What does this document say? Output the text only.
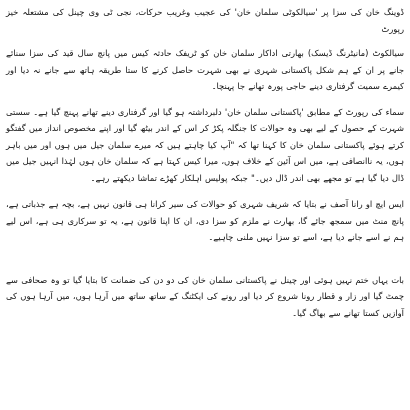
ڈوینگ خان کی سزا پر 'سیالکوٹی سلمان خان' کی عجیب وغریب حرکات، نجی ٹی وی چینل کی مشتعلہ خیز رپورٹ

سیالکوٹ (مانیٹرنگ ڈیسک) بھارتی اداکار سلمان خان کو ٹریفک حادثہ کیس میں پانچ سال قید کی سزا سنائے جانے پر ان کے ہم شکل پاکستانی شہری نے بھی شہرت حاصل کرنے کا ستا طریقہ ہاتھ سے جانے نہ دیا اور کیمرے سمیت گرفتاری دینے حاجی پورہ تھانے جا پہنچا۔

سماء کی رپورٹ کے مطابق 'پاکستانی سلمان خان' دلبرداشتہ ہو گیا اور گرفتاری دینے تھانے پہنچ گیا ہے۔ سستی شہرت کے حصول کے لیے بھی وہ حوالات کا جنگلہ پکڑ کر اس کے اندر بیٹھ گیا اور اپنے مخصوص انداز میں گفتگو کرتے ہوئے پاکستانی سلمان خان کا کہنا تھا کہ "آپ کیا چاہتے ہیں کہ میرے سلمان جیل میں ہوں اور میں باہر ہوں، یہ ناانصافی ہے، میں اس آئین کے خلاف ہوں، میرا کیس کہتا ہے کہ سلمان خان ہوں لہٰذا انہیں جیل میں ڈال دیا گیا ہے تو مجھے بھی اندر ڈال دیں۔" جبکہ پولیس اہلکار کھڑے تماشا دیکھتے رہے۔

ایس ایچ او رانا آصف نے بتایا کہ شریف شہری کو حوالات کی سیر کرانا ہی قانون نہیں ہے، بچہ ہے جذباتی ہے، پانچ منٹ میں سمجھ جائے گا، بھارت نے ملزم کو سزا دی، ان کا اپنا قانون ہے، یہ تو سرکاری ہی ہے، اس لیے ہم نے اسے جانے دیا ہے، اسے تو سزا نہیں ملنی چاہیے۔

بات یہاں ختم نہیں ہوئی اور چینل نے پاکستانی سلمان خان کی دو دن کی ضمانت کا بتایا گیا تو وہ صحافی سے چمٹ گیا اور زار و قطار رونا شروع کر دیا اور رونے کی ایکٹنگ کے ساتھ ساتھ میں آرہا ہوں، میں آرہا ہوں کی آوازیں کستا تھانے سے بھاگ گیا۔
